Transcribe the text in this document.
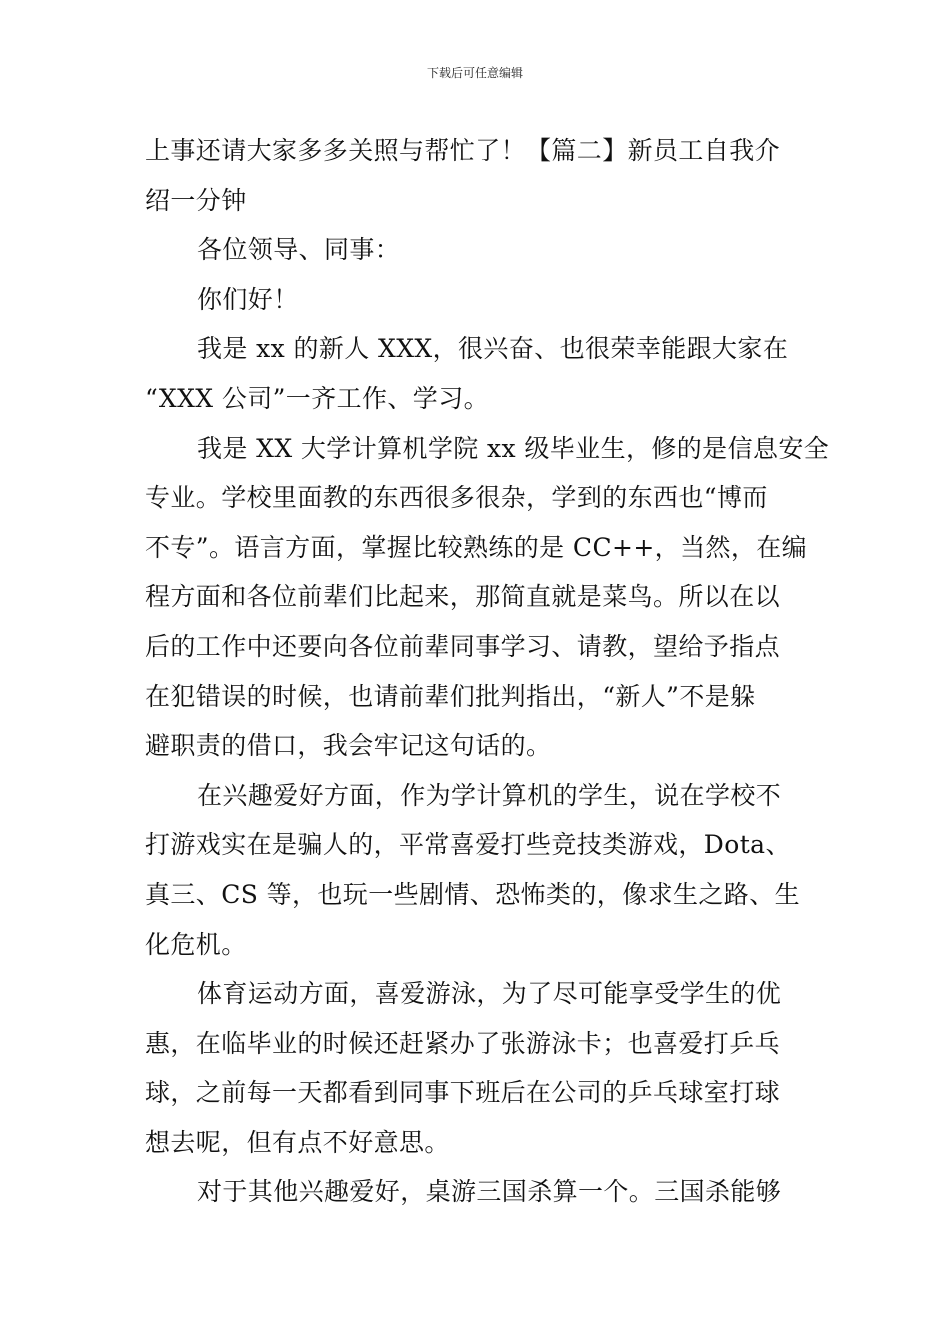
下载后可任意编辑
上事还请大家多多关照与帮忙了！【篇二】新员工自我介
绍一分钟
各位领导、同事：
你们好！
我是 xx 的新人 XXX，很兴奋、也很荣幸能跟大家在
“XXX 公司”一齐工作、学习。
我是 XX 大学计算机学院 xx 级毕业生，修的是信息安全
专业。学校里面教的东西很多很杂，学到的东西也“博而
不专”。语言方面，掌握比较熟练的是 CC++，当然，在编
程方面和各位前辈们比起来，那简直就是菜鸟。所以在以
后的工作中还要向各位前辈同事学习、请教，望给予指点
在犯错误的时候，也请前辈们批判指出，“新人”不是躲
避职责的借口，我会牢记这句话的。
在兴趣爱好方面，作为学计算机的学生，说在学校不
打游戏实在是骗人的，平常喜爱打些竞技类游戏，Dota、
真三、CS 等，也玩一些剧情、恐怖类的，像求生之路、生
化危机。
体育运动方面，喜爱游泳，为了尽可能享受学生的优
惠，在临毕业的时候还赶紧办了张游泳卡；也喜爱打乒乓
球，之前每一天都看到同事下班后在公司的乒乓球室打球
想去呢，但有点不好意思。
对于其他兴趣爱好，桌游三国杀算一个。三国杀能够
